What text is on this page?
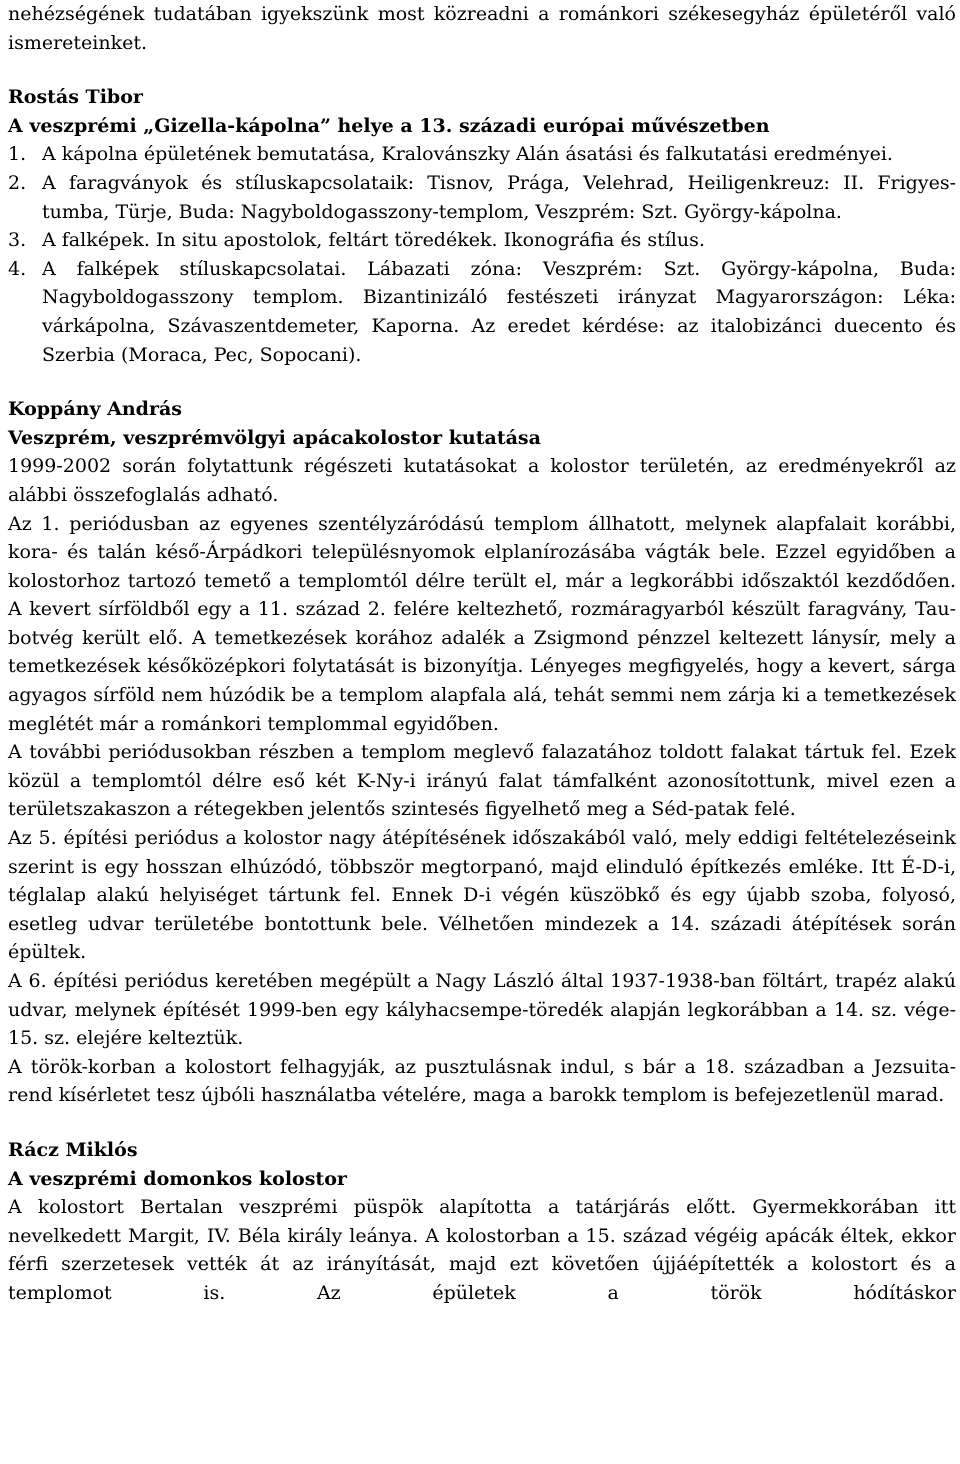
nehézségének tudatában igyekszünk most közreadni a románkori székesegyház épületéről való ismereteinket.

Rostás Tibor
A veszprémi „Gizella-kápolna” helye a 13. századi európai művészetben
1. A kápolna épületének bemutatása, Kralovánszky Alán ásatási és falkutatási eredményei.
2. A faragványok és stíluskapcsolataik: Tisnov, Prága, Velehrad, Heiligenkreuz: II. Frigyes-tumba, Türje, Buda: Nagyboldogasszony-templom, Veszprém: Szt. György-kápolna.
3. A falképek. In situ apostolok, feltárt töredékek. Ikonográfia és stílus.
4. A falképek stíluskapcsolatai. Lábazati zóna: Veszprém: Szt. György-kápolna, Buda: Nagyboldogasszony templom. Bizantinizáló festészeti irányzat Magyarországon: Léka: várkápolna, Szávaszentdemeter, Kaporna. Az eredet kérdése: az italobizánci duecento és Szerbia (Moraca, Pec, Sopocani).
Koppány András
Veszprém, veszprémvölgyi apácakolostor kutatása

1999-2002 során folytattunk régészeti kutatásokat a kolostor területén, az eredményekről az alábbi összefoglalás adható.

Az 1. periódusban az egyenes szentélyzáródású templom állhatott, melynek alapfalait korábbi, kora- és talán késő-Árpádkori településnyomok elplanírozásába vágták bele. Ezzel egyidőben a kolostorhoz tartozó temető a templomtól délre terült el, már a legkorábbi időszaktól kezdődően. A kevert sírföldből egy a 11. század 2. felére keltezhető, rozmáragyarból készült faragvány, Tau-botvég került elő. A temetkezések korához adalék a Zsigmond pénzzel keltezett lánysír, mely a temetkezések későközépkori folytatását is bizonyítja. Lényeges megfigyelés, hogy a kevert, sárga agyagos sírföld nem húzódik be a templom alapfala alá, tehát semmi nem zárja ki a temetkezések meglétét már a románkori templommal egyidőben.

A további periódusokban részben a templom meglevő falazatához toldott falakat tártuk fel. Ezek közül a templomtól délre eső két K-Ny-i irányú falat támfalként azonosítottunk, mivel ezen a területszakaszon a rétegekben jelentős szintesés figyelhető meg a Séd-patak felé.

Az 5. építési periódus a kolostor nagy átépítésének időszakából való, mely eddigi feltételezéseink szerint is egy hosszan elhúzódó, többször megtorpanó, majd elinduló építkezés emléke. Itt É-D-i, téglalap alakú helyiséget tártunk fel. Ennek D-i végén küszöbkő és egy újabb szoba, folyosó, esetleg udvar területébe bontottunk bele. Vélhetően mindezek a 14. századi átépítések során épültek.

A 6. építési periódus keretében megépült a Nagy László által 1937-1938-ban föltárt, trapéz alakú udvar, melynek építését 1999-ben egy kályhacsempe-töredék alapján legkorábban a 14. sz. vége-15. sz. elejére kelteztük.

A török-korban a kolostort felhagyják, az pusztulásnak indul, s bár a 18. században a Jezsuita-rend kísérletet tesz újbóli használatba vételére, maga a barokk templom is befejezetlenül marad.

Rácz Miklós
A veszprémi domonkos kolostor

A kolostort Bertalan veszprémi püspök alapította a tatárjárás előtt. Gyermekkorában itt nevelkedett Margit, IV. Béla király leánya. A kolostorban a 15. század végéig apácák éltek, ekkor férfi szerzetesek vették át az irányítását, majd ezt követően újjáépítették a kolostort és a templomot is. Az épületek a török hódításkor
